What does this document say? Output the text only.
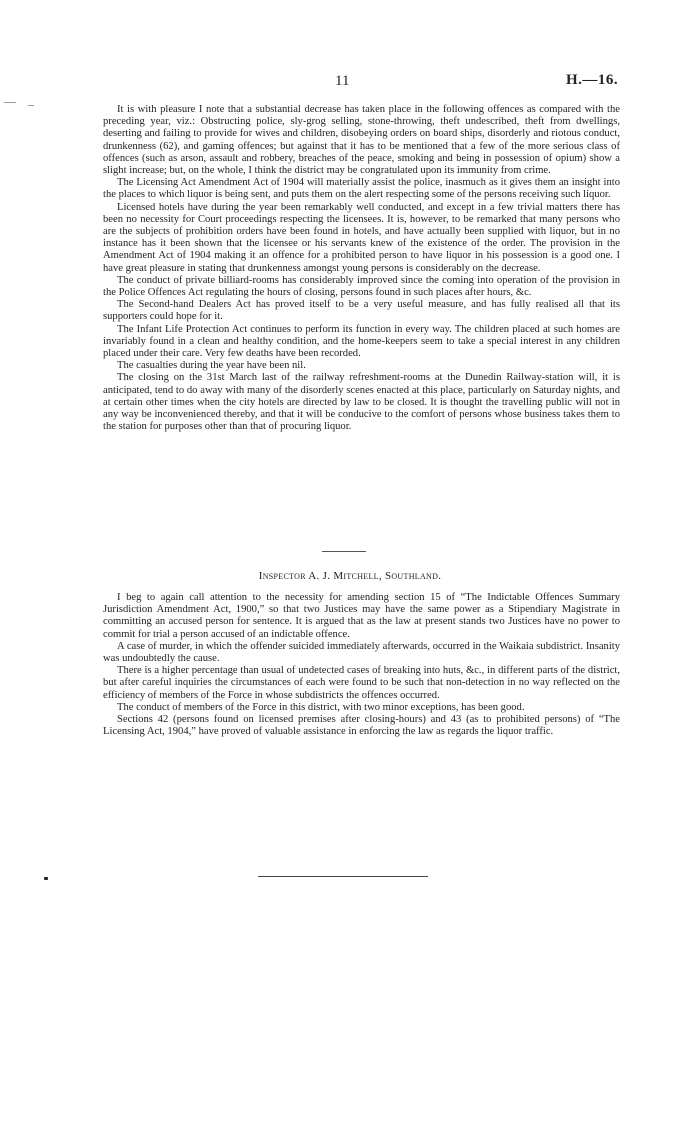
11	H.—16.

It is with pleasure I note that a substantial decrease has taken place in the following offences as compared with the preceding year, viz.: Obstructing police, sly-grog selling, stone-throwing, theft undescribed, theft from dwellings, deserting and failing to provide for wives and children, disobeying orders on board ships, disorderly and riotous conduct, drunkenness (62), and gaming offences; but against that it has to be mentioned that a few of the more serious class of offences (such as arson, assault and robbery, breaches of the peace, smoking and being in possession of opium) show a slight increase; but, on the whole, I think the district may be congratulated upon its immunity from crime.

The Licensing Act Amendment Act of 1904 will materially assist the police, inasmuch as it gives them an insight into the places to which liquor is being sent, and puts them on the alert respecting some of the persons receiving such liquor.

Licensed hotels have during the year been remarkably well conducted, and except in a few trivial matters there has been no necessity for Court proceedings respecting the licensees. It is, however, to be remarked that many persons who are the subjects of prohibition orders have been found in hotels, and have actually been supplied with liquor, but in no instance has it been shown that the licensee or his servants knew of the existence of the order. The provision in the Amendment Act of 1904 making it an offence for a prohibited person to have liquor in his possession is a good one. I have great pleasure in stating that drunkenness amongst young persons is considerably on the decrease.

The conduct of private billiard-rooms has considerably improved since the coming into operation of the provision in the Police Offences Act regulating the hours of closing, persons found in such places after hours, &c.

The Second-hand Dealers Act has proved itself to be a very useful measure, and has fully realised all that its supporters could hope for it.

The Infant Life Protection Act continues to perform its function in every way. The children placed at such homes are invariably found in a clean and healthy condition, and the home-keepers seem to take a special interest in any children placed under their care. Very few deaths have been recorded.

The casualties during the year have been nil.

The closing on the 31st March last of the railway refreshment-rooms at the Dunedin Railway-station will, it is anticipated, tend to do away with many of the disorderly scenes enacted at this place, particularly on Saturday nights, and at certain other times when the city hotels are directed by law to be closed. It is thought the travelling public will not in any way be inconvenienced thereby, and that it will be conducive to the comfort of persons whose business takes them to the station for purposes other than that of procuring liquor.

Inspector A. J. Mitchell, Southland.

I beg to again call attention to the necessity for amending section 15 of “The Indictable Offences Summary Jurisdiction Amendment Act, 1900,” so that two Justices may have the same power as a Stipendiary Magistrate in committing an accused person for sentence. It is argued that as the law at present stands two Justices have no power to commit for trial a person accused of an indictable offence.

A case of murder, in which the offender suicided immediately afterwards, occurred in the Waikaia subdistrict. Insanity was undoubtedly the cause.

There is a higher percentage than usual of undetected cases of breaking into huts, &c., in different parts of the district, but after careful inquiries the circumstances of each were found to be such that non-detection in no way reflected on the efficiency of members of the Force in whose subdistricts the offences occurred.

The conduct of members of the Force in this district, with two minor exceptions, has been good.

Sections 42 (persons found on licensed premises after closing-hours) and 43 (as to prohibited persons) of “The Licensing Act, 1904,” have proved of valuable assistance in enforcing the law as regards the liquor traffic.
